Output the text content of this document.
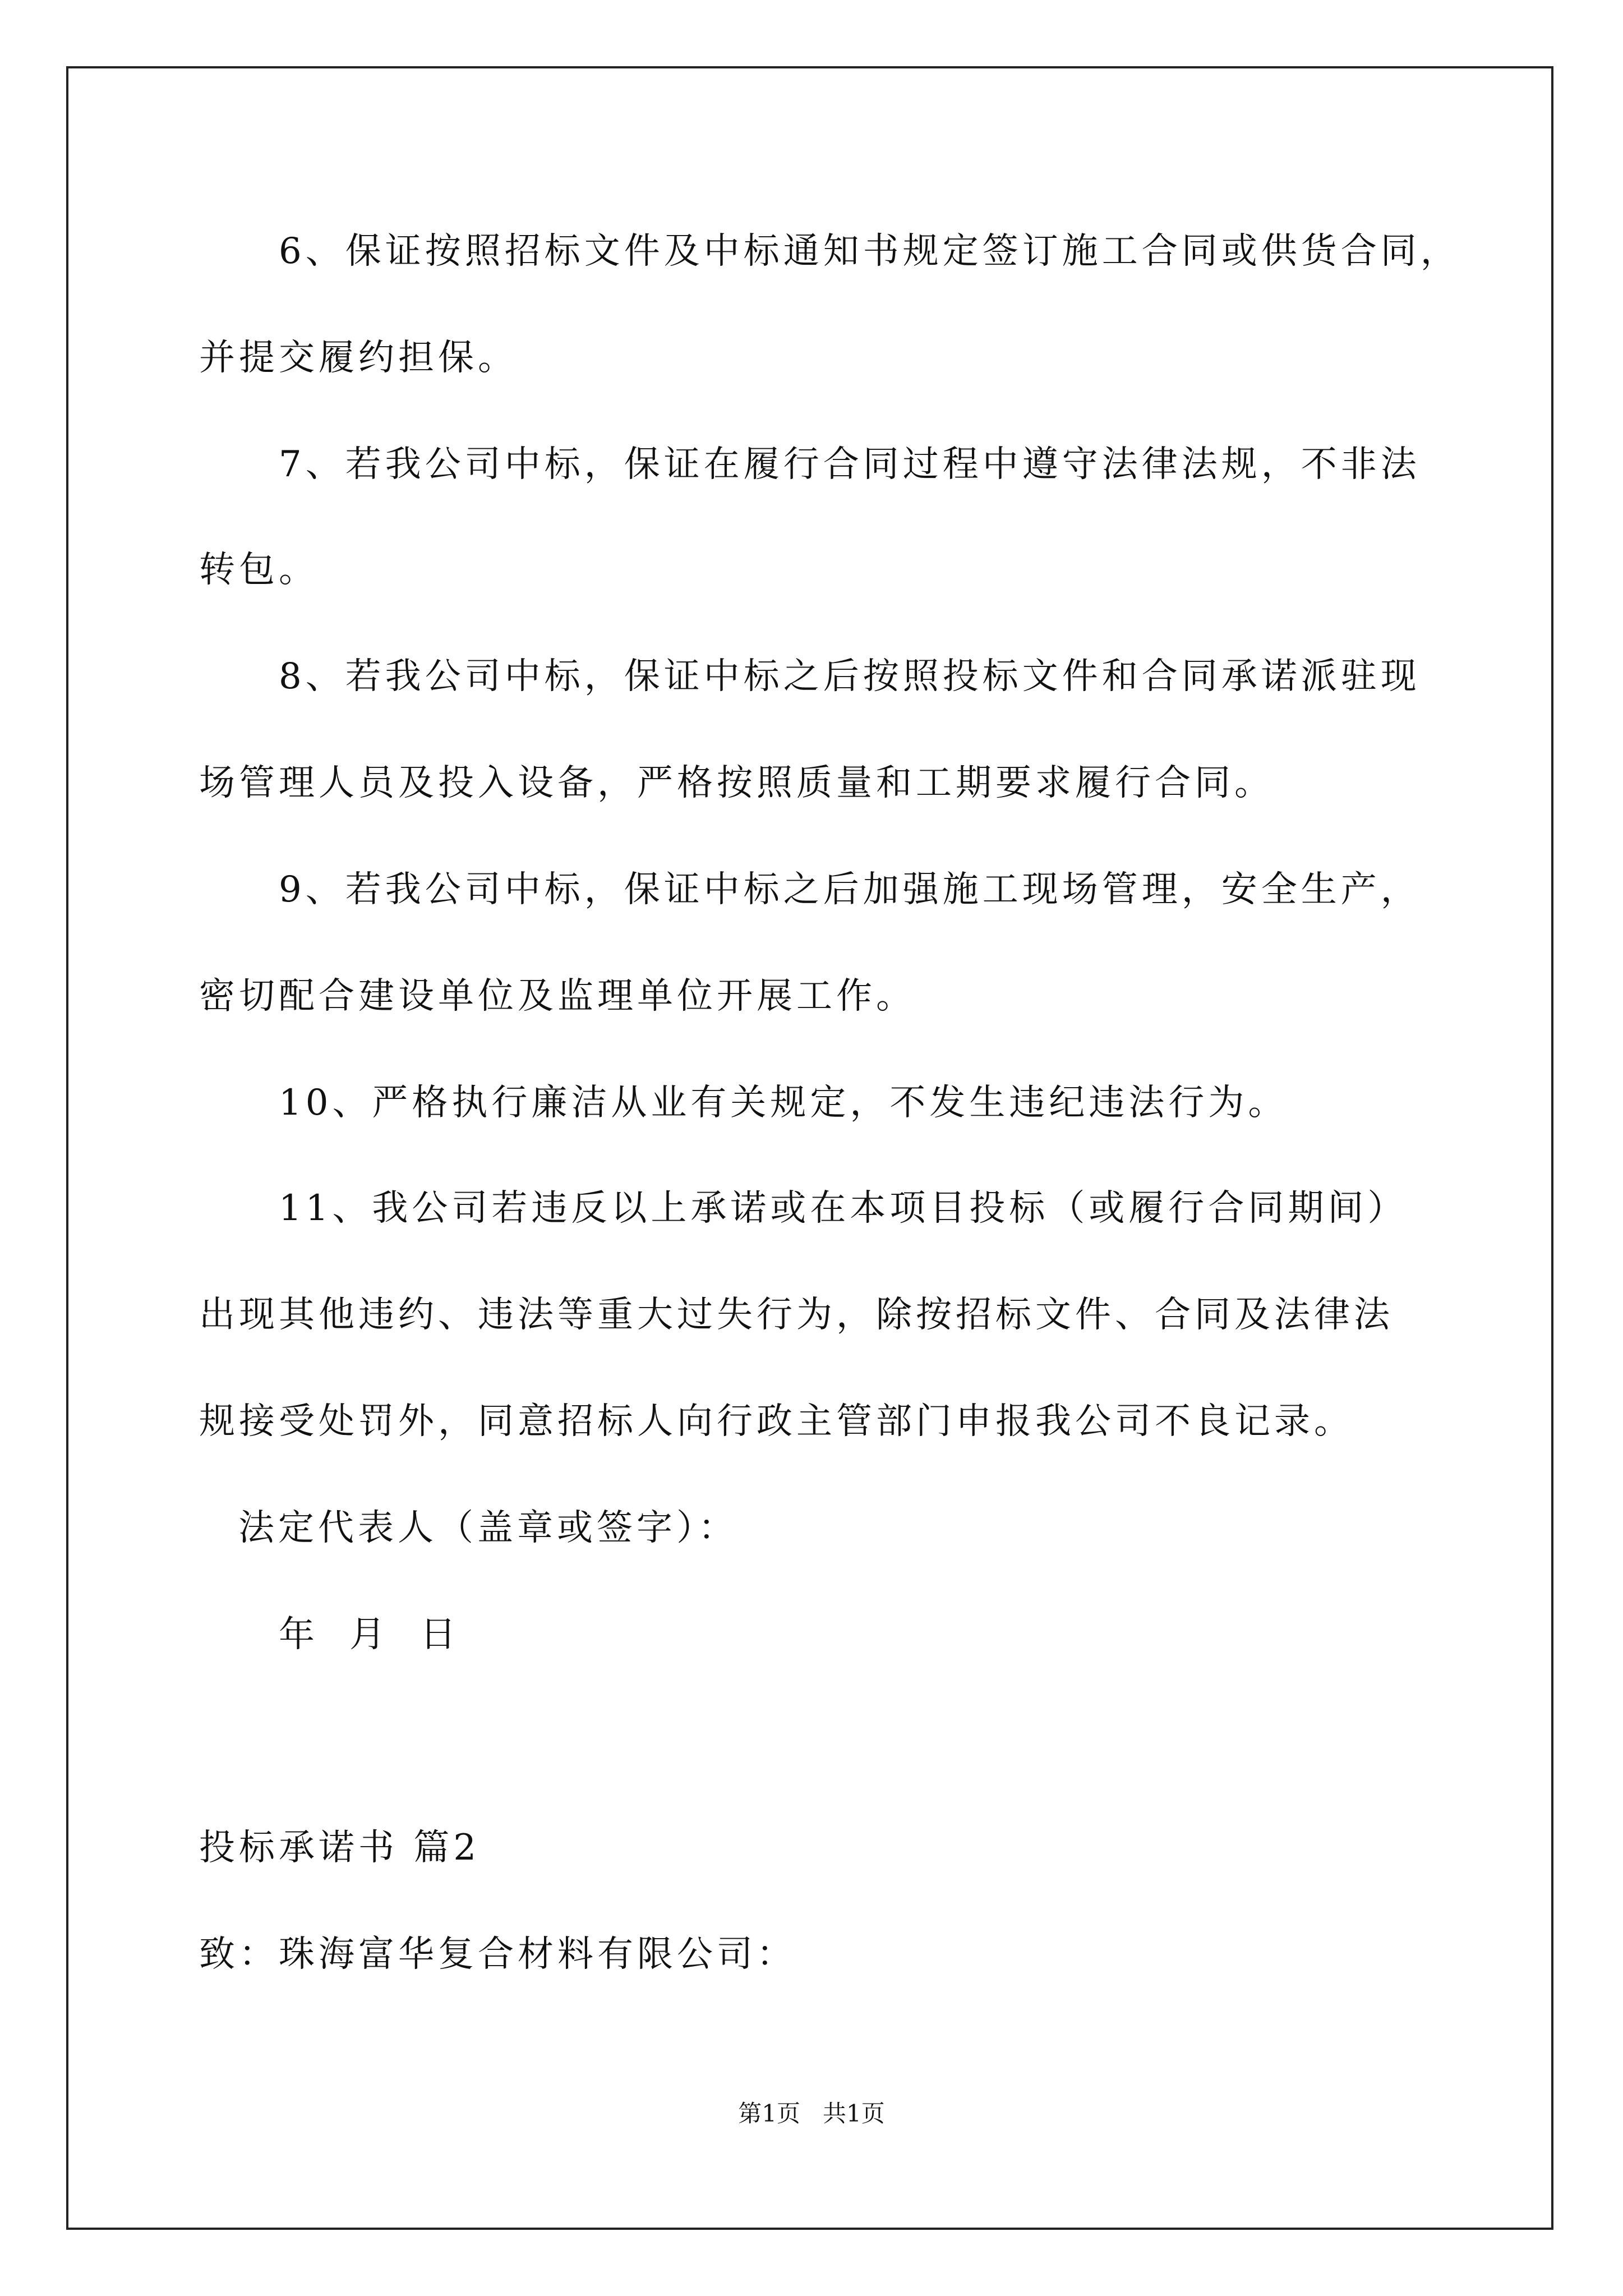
6、保证按照招标文件及中标通知书规定签订施工合同或供货合同，
并提交履约担保。
7、若我公司中标，保证在履行合同过程中遵守法律法规，不非法
转包。
8、若我公司中标，保证中标之后按照投标文件和合同承诺派驻现
场管理人员及投入设备，严格按照质量和工期要求履行合同。
9、若我公司中标，保证中标之后加强施工现场管理，安全生产，
密切配合建设单位及监理单位开展工作。
10、严格执行廉洁从业有关规定，不发生违纪违法行为。
11、我公司若违反以上承诺或在本项目投标（或履行合同期间）
出现其他违约、违法等重大过失行为，除按招标文件、合同及法律法
规接受处罚外，同意招标人向行政主管部门申报我公司不良记录。
法定代表人（盖章或签字）：
年 月 日
投标承诺书 篇2
致：珠海富华复合材料有限公司：
第1页 共1页
